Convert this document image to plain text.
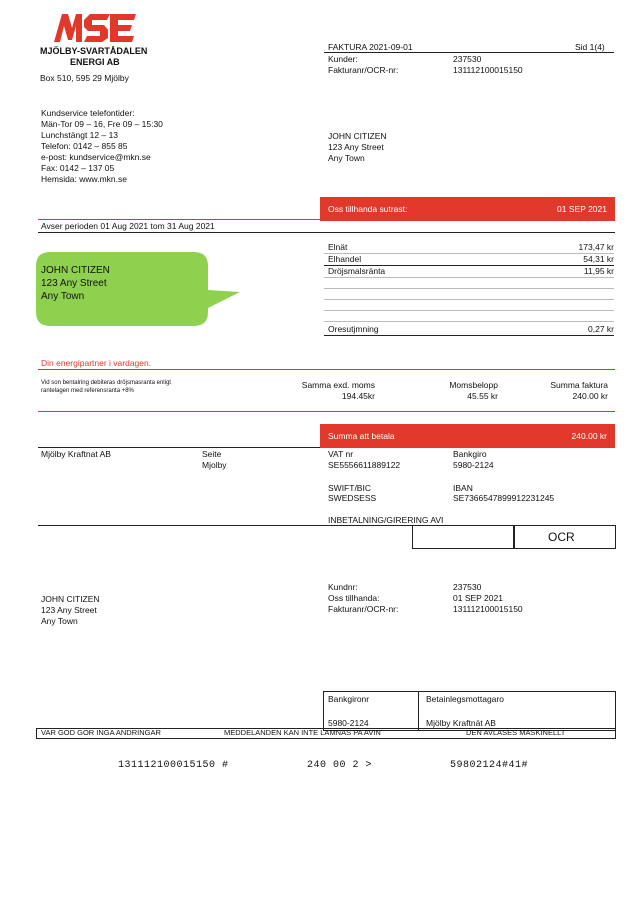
MJÖLBY-SVARTÅDALEN
ENERGI AB
Box 510, 595 29 Mjölby
Kundservice telefontider:
Män-Tor 09 – 16, Fre 09 – 15:30
Lunchstängt 12 – 13
Telefon: 0142 – 855 85
e-post: kundservice@mkn.se
Fax: 0142 – 137 05
Hemsida: www.mkn.se
FAKTURA 2021-09-01	Sid 1(4)
Kunder:	237530
Fakturanr/OCR-nr:	131112100015150
JOHN CITIZEN
123 Any Street
Any Town
Oss tillhanda sutrast:	01 SEP 2021
Avser perioden 01 Aug 2021 tom 31 Aug 2021
JOHN CITIZEN
123 Any Street
Any Town
Elnät	173,47 kr
Elhandel	54,31 kr
Dröjsmalsränta	11,95 kr
Oresutjmning	0,27 kr
Din energipartner i vardagen.
Vid son bentalring debiteras dröjsmasranta enligt
rantelagen med referensranta +8%
Samma exd. moms
194.45kr
Momsbelopp
45.55 kr
Summa faktura
240.00 kr
Summa att betala	240.00 kr
Mjölby Kraftnat AB	Seite
Mjolby
VAT nr
SE5556611889122
Bankgiro
5980-2124
SWIFT/BIC
SWEDSESS
IBAN
SE7366547899912231245
INBETALNING/GIRERING AVI
OCR
Kundnr:	237530
Oss tillhanda:	01 SEP 2021
Fakturanr/OCR-nr:	131112100015150
JOHN CITIZEN
123 Any Street
Any Town
Bankgironr	Betainlegsmottagaro
5980-2124	Mjölby Kraftnät AB
VAR GOD GOR INGA ANDRINGAR	MEDDELANDEN KAN INTE LAMNAS PA AVIN	DEN AVLASES MASKINELLT
131112100015150 #	240 00 2 >	59802124#41#
